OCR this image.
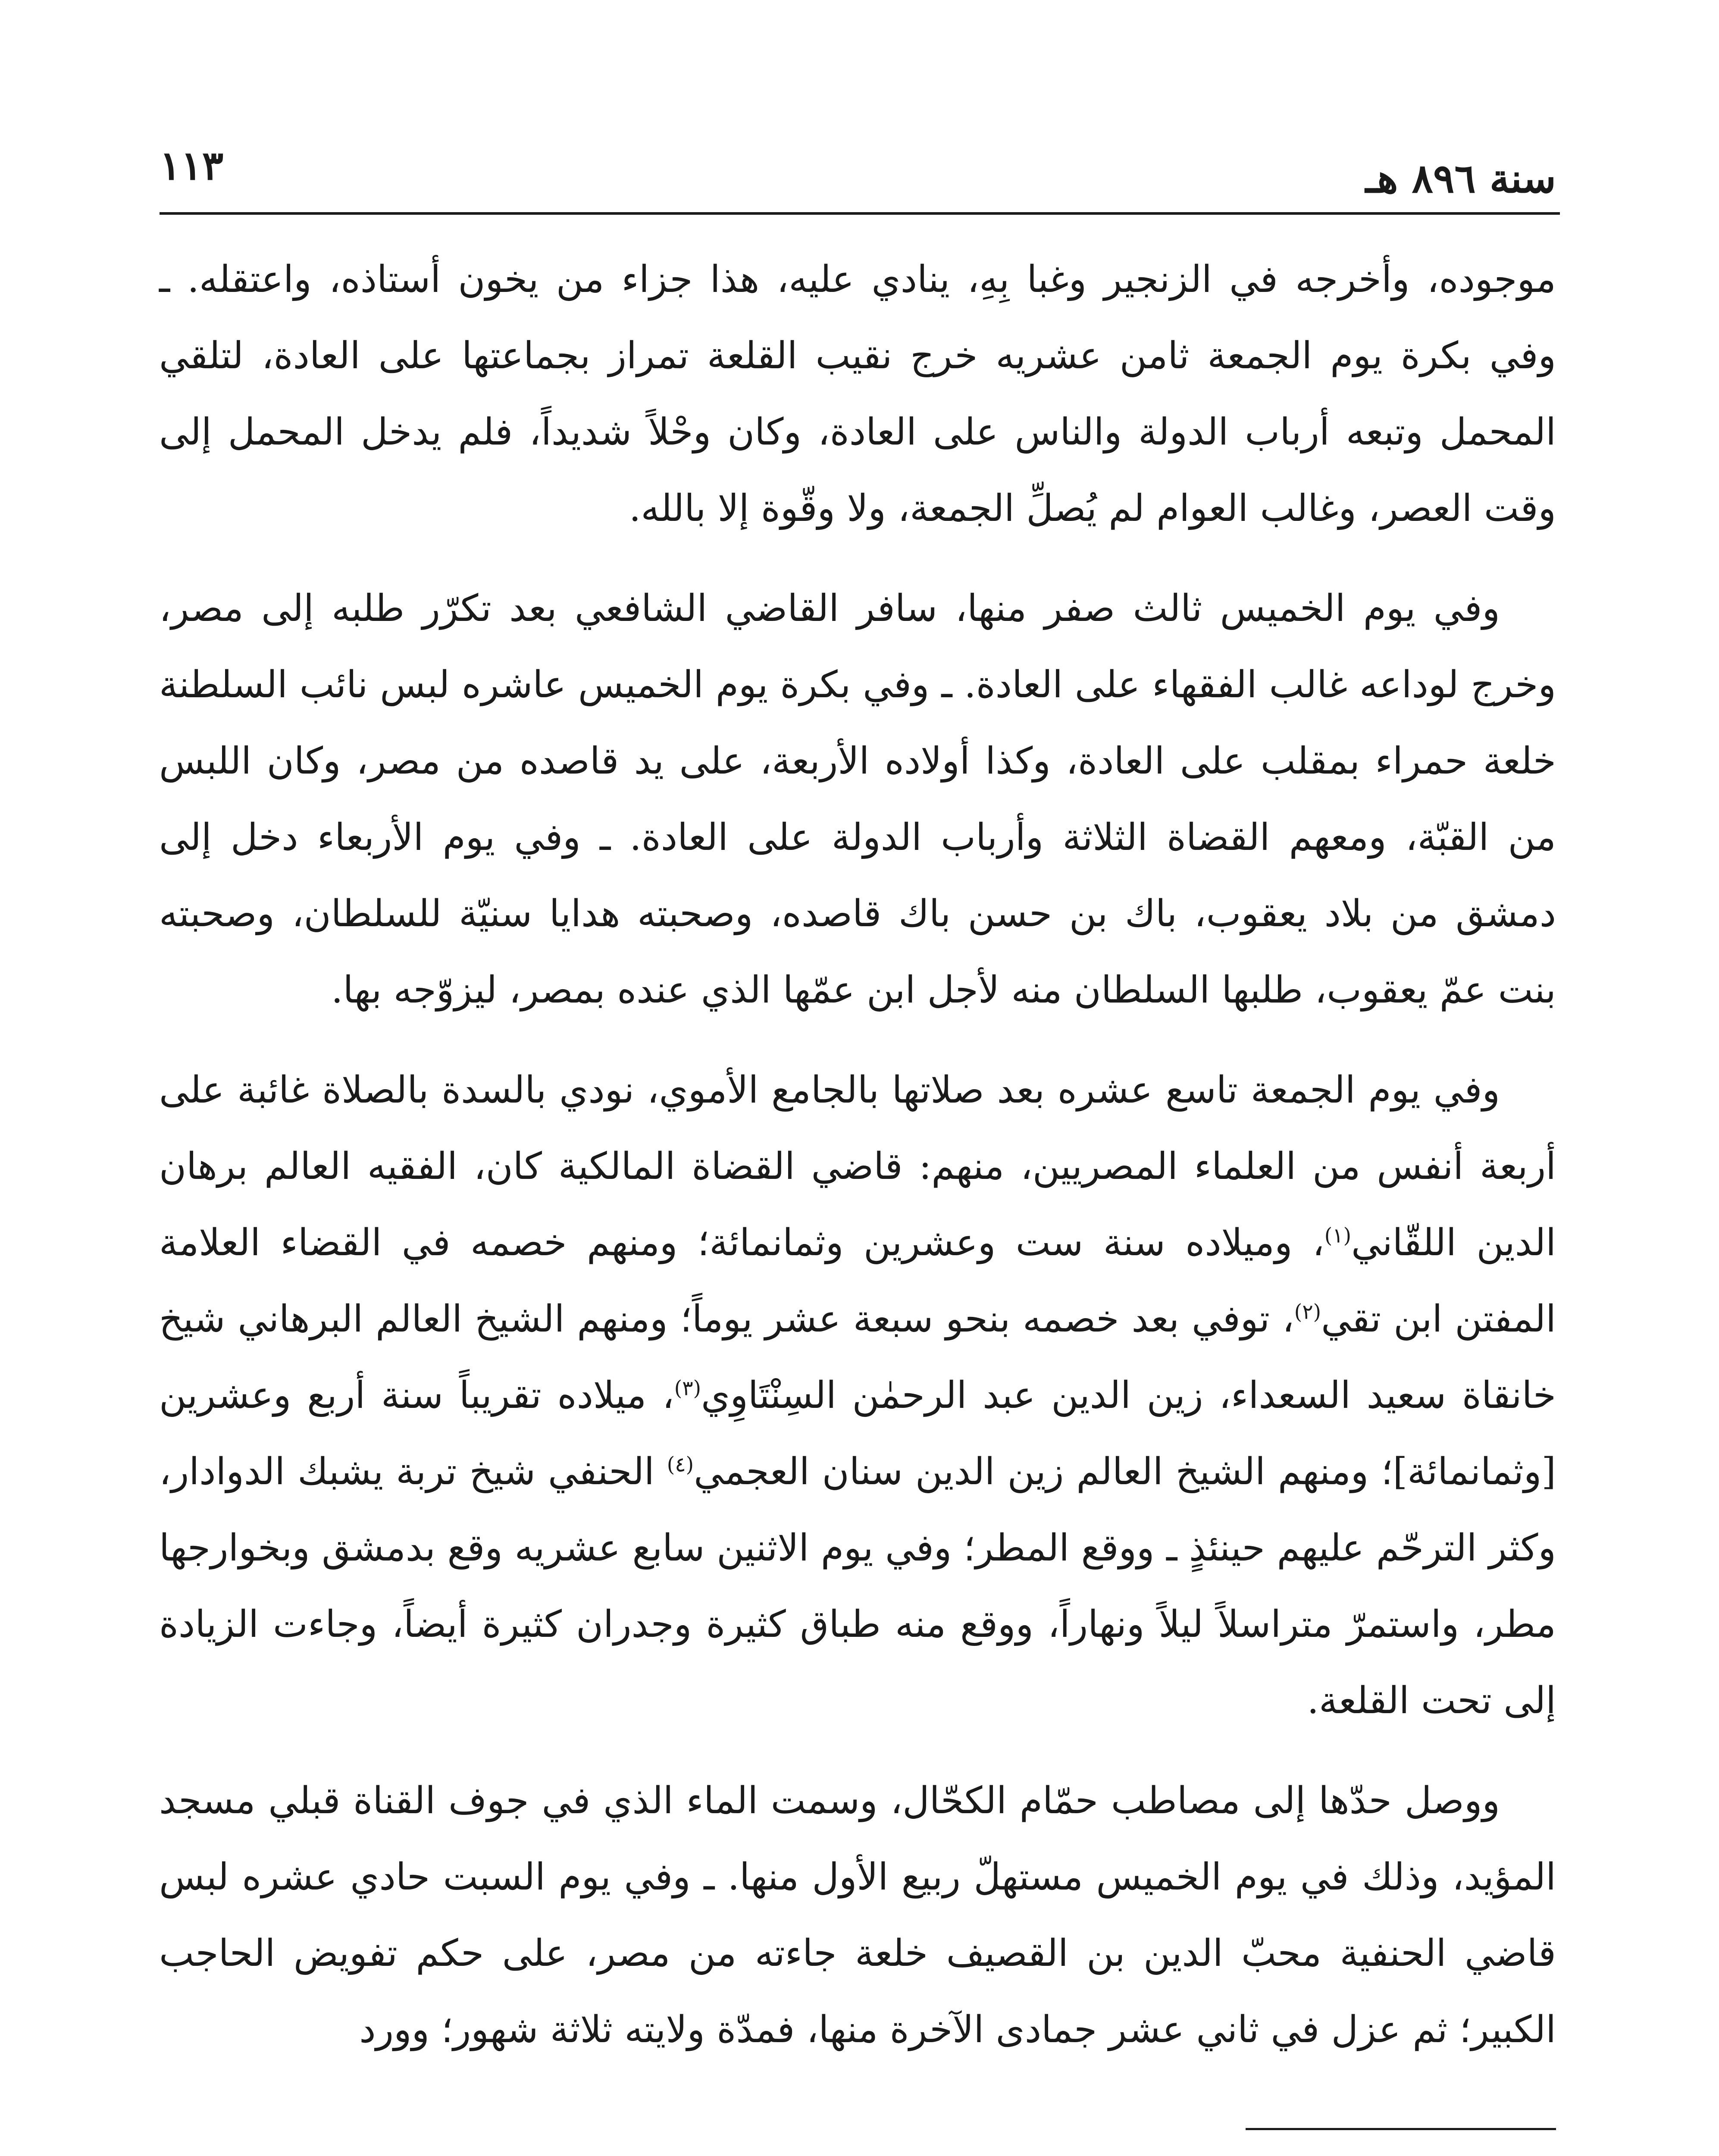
١١٣	سنة ٨٩٦ هـ

موجوده، وأخرجه في الزنجير وغبا بِهِ، ينادي عليه، هذا جزاء من يخون أستاذه، واعتقله. ـ وفي بكرة يوم الجمعة ثامن عشريه خرج نقيب القلعة تمراز بجماعتها على العادة، لتلقي المحمل وتبعه أرباب الدولة والناس على العادة، وكان وحْلاً شديداً، فلم يدخل المحمل إلى وقت العصر، وغالب العوام لم يُصلِّ الجمعة، ولا وقّوة إلا بالله.

وفي يوم الخميس ثالث صفر منها، سافر القاضي الشافعي بعد تكرّر طلبه إلى مصر، وخرج لوداعه غالب الفقهاء على العادة. ـ وفي بكرة يوم الخميس عاشره لبس نائب السلطنة خلعة حمراء بمقلب على العادة، وكذا أولاده الأربعة، على يد قاصده من مصر، وكان اللبس من القبّة، ومعهم القضاة الثلاثة وأرباب الدولة على العادة. ـ وفي يوم الأربعاء دخل إلى دمشق من بلاد يعقوب، باك بن حسن باك قاصده، وصحبته هدايا سنيّة للسلطان، وصحبته بنت عمّ يعقوب، طلبها السلطان منه لأجل ابن عمّها الذي عنده بمصر، ليزوّجه بها.

وفي يوم الجمعة تاسع عشره بعد صلاتها بالجامع الأموي، نودي بالسدة بالصلاة غائبة على أربعة أنفس من العلماء المصريين، منهم: قاضي القضاة المالكية كان، الفقيه العالم برهان الدين اللقّاني$^{(١)}$، وميلاده سنة ست وعشرين وثمانمائة؛ ومنهم خصمه في القضاء العلامة المفتن ابن تقي$^{(٢)}$، توفي بعد خصمه بنحو سبعة عشر يوماً؛ ومنهم الشيخ العالم البرهاني شيخ خانقاة سعيد السعداء، زين الدين عبد الرحمٰن السِنْتَاوِي$^{(٣)}$، ميلاده تقريباً سنة أربع وعشرين [وثمانمائة]؛ ومنهم الشيخ العالم زين الدين سنان العجمي$^{(٤)}$ الحنفي شيخ تربة يشبك الدوادار، وكثر الترحّم عليهم حينئذٍ ـ ووقع المطر؛ وفي يوم الاثنين سابع عشريه وقع بدمشق وبخوارجها مطر، واستمرّ متراسلاً ليلاً ونهاراً، ووقع منه طباق كثيرة وجدران كثيرة أيضاً، وجاءت الزيادة إلى تحت القلعة.

ووصل حدّها إلى مصاطب حمّام الكحّال، وسمت الماء الذي في جوف القناة قبلي مسجد المؤيد، وذلك في يوم الخميس مستهلّ ربيع الأول منها. ـ وفي يوم السبت حادي عشره لبس قاضي الحنفية محبّ الدين بن القصيف خلعة جاءته من مصر، على حكم تفويض الحاجب الكبير؛ ثم عزل في ثاني عشر جمادى الآخرة منها، فمدّة ولايته ثلاثة شهور؛ وورد
